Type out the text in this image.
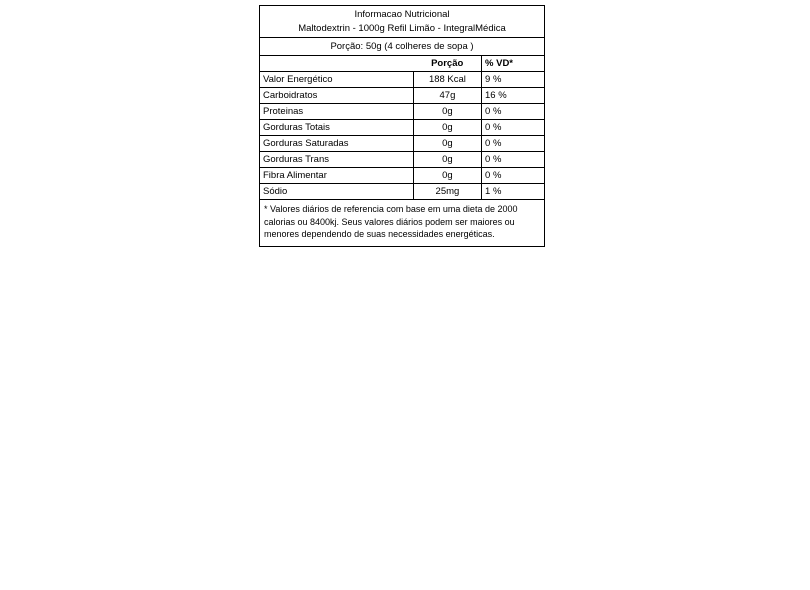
Informacao Nutricional
Maltodextrin - 1000g Refil Limão - IntegralMédica
Porção: 50g (4 colheres de sopa )
	Porção	% VD*
Valor Energético	188 Kcal	9 %
Carboidratos	47g	16 %
Proteinas	0g	0 %
Gorduras Totais	0g	0 %
Gorduras Saturadas	0g	0 %
Gorduras Trans	0g	0 %
Fibra Alimentar	0g	0 %
Sódio	25mg	1 %
* Valores diários de referencia com base em uma dieta de 2000 calorias ou 8400kj. Seus valores diários podem ser maiores ou menores dependendo de suas necessidades energéticas.
